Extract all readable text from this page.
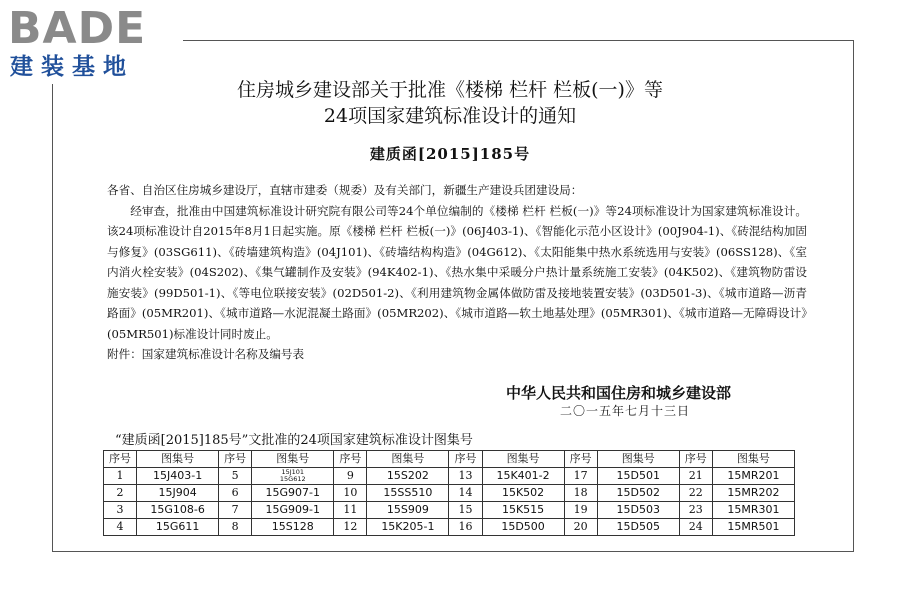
BADE
建装基地
住房城乡建设部关于批准《楼梯 栏杆 栏板(一)》等
24项国家建筑标准设计的通知
建质函[2015]185号

各省、自治区住房城乡建设厅，直辖市建委（规委）及有关部门，新疆生产建设兵团建设局：

经审查，批准由中国建筑标准设计研究院有限公司等24个单位编制的《楼梯 栏杆 栏板(一)》等24项标准设计为国家建筑标准设计。该24项标准设计自2015年8月1日起实施。原《楼梯 栏杆 栏板(一)》(06J403-1)、《智能化示范小区设计》(00J904-1)、《砖混结构加固与修复》(03SG611)、《砖墙建筑构造》(04J101)、《砖墙结构构造》(04G612)、《太阳能集中热水系统选用与安装》(06SS128)、《室内消火栓安装》(04S202)、《集气罐制作及安装》(94K402-1)、《热水集中采暖分户热计量系统施工安装》(04K502)、《建筑物防雷设施安装》(99D501-1)、《等电位联接安装》(02D501-2)、《利用建筑物金属体做防雷及接地装置安装》(03D501-3)、《城市道路—沥青路面》(05MR201)、《城市道路—水泥混凝土路面》(05MR202)、《城市道路—软土地基处理》(05MR301)、《城市道路—无障碍设计》(05MR501)标准设计同时废止。

附件：国家建筑标准设计名称及编号表

中华人民共和国住房和城乡建设部
二〇一五年七月十三日
“建质函[2015]185号”文批准的24项国家建筑标准设计图集号
序号	图集号	序号	图集号	序号	图集号	序号	图集号	序号	图集号	序号	图集号
1	15J403-1	5	15J101
15G612	9	15S202	13	15K401-2	17	15D501	21	15MR201
2	15J904	6	15G907-1	10	15SS510	14	15K502	18	15D502	22	15MR202
3	15G108-6	7	15G909-1	11	15S909	15	15K515	19	15D503	23	15MR301
4	15G611	8	15S128	12	15K205-1	16	15D500	20	15D505	24	15MR501
